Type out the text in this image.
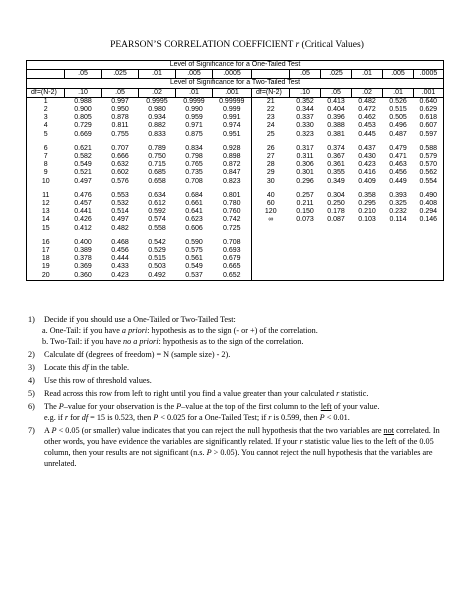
PEARSON’S CORRELATION COEFFICIENT r (Critical Values)
Level of Significance for a One-Tailed Test											
	.05	.025	.01	.005	.0005		.05	.025	.01	.005	.0005
Level of Significance for a Two-Tailed Test											
df=(N-2)	.10	.05	.02	.01	.001	df=(N-2)	.10	.05	.02	.01	.001
1	0.988	0.997	0.9995	0.9999	0.99999	21	0.352	0.413	0.482	0.526	0.640
2	0.900	0.950	0.980	0.990	0.999	22	0.344	0.404	0.472	0.515	0.629
3	0.805	0.878	0.934	0.959	0.991	23	0.337	0.396	0.462	0.505	0.618
4	0.729	0.811	0.882	0.971	0.974	24	0.330	0.388	0.453	0.496	0.607
5	0.669	0.755	0.833	0.875	0.951	25	0.323	0.381	0.445	0.487	0.597

6	0.621	0.707	0.789	0.834	0.928	26	0.317	0.374	0.437	0.479	0.588
7	0.582	0.666	0.750	0.798	0.898	27	0.311	0.367	0.430	0.471	0.579
8	0.549	0.632	0.715	0.765	0.872	28	0.306	0.361	0.423	0.463	0.570
9	0.521	0.602	0.685	0.735	0.847	29	0.301	0.355	0.416	0.456	0.562
10	0.497	0.576	0.658	0.708	0.823	30	0.296	0.349	0.409	0.449	0.554

11	0.476	0.553	0.634	0.684	0.801	40	0.257	0.304	0.358	0.393	0.490
12	0.457	0.532	0.612	0.661	0.780	60	0.211	0.250	0.295	0.325	0.408
13	0.441	0.514	0.592	0.641	0.760	120	0.150	0.178	0.210	0.232	0.294
14	0.426	0.497	0.574	0.623	0.742	∞	0.073	0.087	0.103	0.114	0.146
15	0.412	0.482	0.558	0.606	0.725						

16	0.400	0.468	0.542	0.590	0.708						
17	0.389	0.456	0.529	0.575	0.693						
18	0.378	0.444	0.515	0.561	0.679						
19	0.369	0.433	0.503	0.549	0.665						
20	0.360	0.423	0.492	0.537	0.652						
1) Decide if you should use a One-Tailed or Two-Tailed Test:
a. One-Tail: if you have a priori: hypothesis as to the sign (- or +) of the correlation.
b. Two-Tail: if you have no a priori: hypothesis as to the sign of the correlation.
2) Calculate df (degrees of freedom) = N (sample size) - 2).
3) Locate this df in the table.
4) Use this row of threshold values.
5) Read across this row from left to right until you find a value greater than your calculated r statistic.
6) The P–value for your observation is the P–value at the top of the first column to the left of your value.
e.g. if r for df = 15 is 0.523, then P < 0.025 for a One-Tailed Test; if r is 0.599, then P < 0.01.
7) A P < 0.05 (or smaller) value indicates that you can reject the null hypothesis that the two variables are not correlated. In other words, you have evidence the variables are significantly related. If your r statistic value lies to the left of the 0.05 column, then your results are not significant (n.s. P > 0.05). You cannot reject the null hypothesis that the variables are unrelated.
